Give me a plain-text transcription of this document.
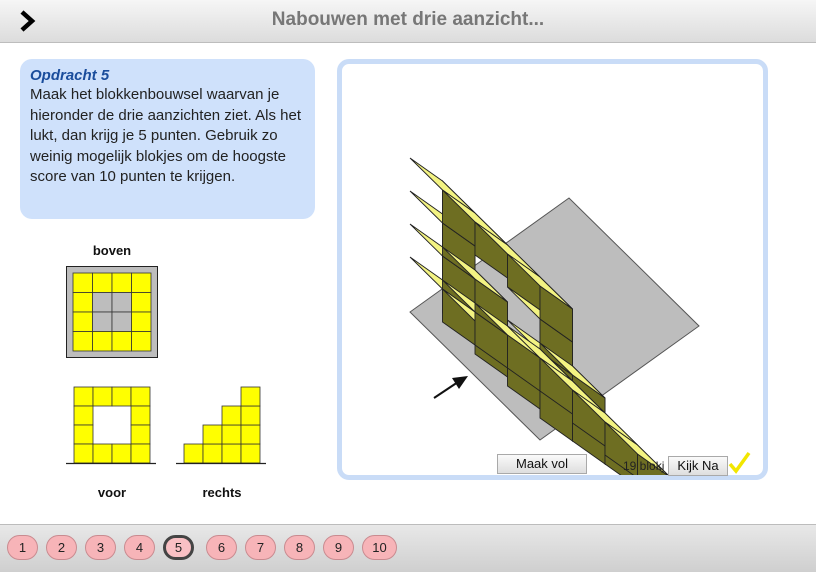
Nabouwen met drie aanzicht...
Opdracht 5
Maak het blokkenbouwsel waarvan je hieronder de drie aanzichten ziet. Als het lukt, dan krijg je 5 punten. Gebruik zo weinig mogelijk blokjes om de hoogste score van 10 punten te krijgen.
boven
voor	rechts
Maak vol	19 blokj	Kijk Na
1	2	3	4	5	6	7	8	9	10
